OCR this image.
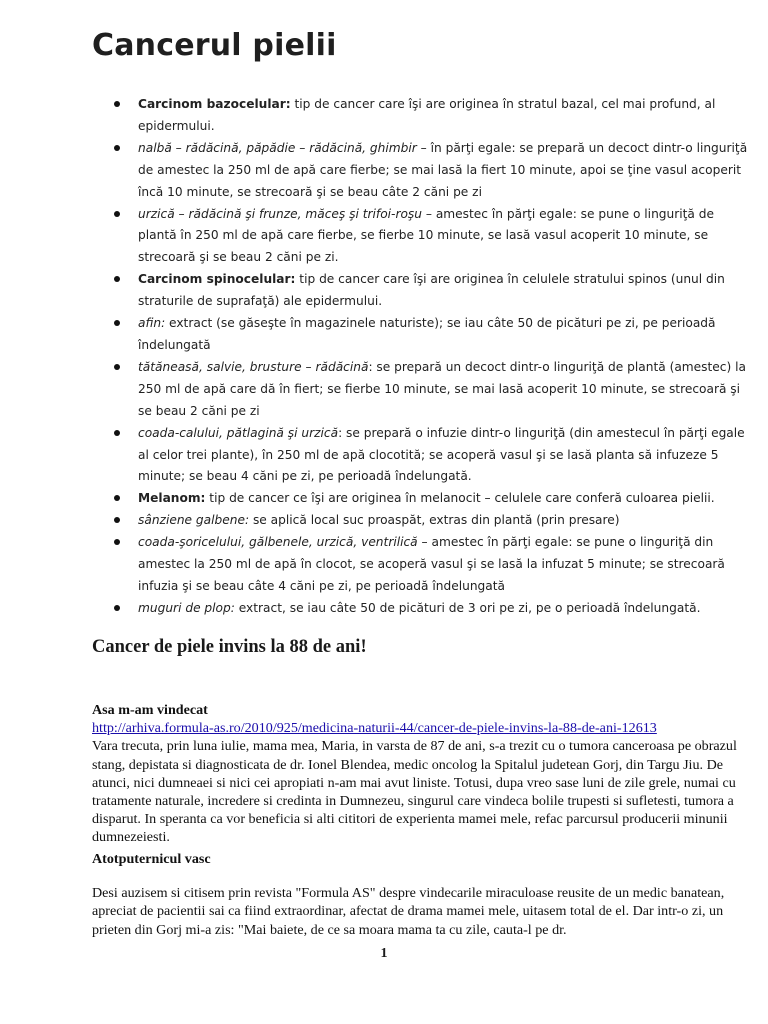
Cancerul pielii
Carcinom bazocelular: tip de cancer care îşi are originea în stratul bazal, cel mai profund, al epidermului.
nalbă – rădăcină, păpădie – rădăcină, ghimbir – în părţi egale: se prepară un decoct dintr-o linguriţă de amestec la 250 ml de apă care fierbe; se mai lasă la fiert 10 minute, apoi se ţine vasul acoperit încă 10 minute, se strecoară şi se beau câte 2 căni pe zi
urzică – rădăcină şi frunze, măceş şi trifoi-roşu – amestec în părţi egale: se pune o linguriţă de plantă în 250 ml de apă care fierbe, se fierbe 10 minute, se lasă vasul acoperit 10 minute, se strecoară şi se beau 2 căni pe zi.
Carcinom spinocelular: tip de cancer care îşi are originea în celulele stratului spinos (unul din straturile de suprafaţă) ale epidermului.
afin: extract (se găseşte în magazinele naturiste); se iau câte 50 de picături pe zi, pe perioadă îndelungată
tătăneasă, salvie, brusture – rădăcină: se prepară un decoct dintr-o linguriţă de plantă (amestec) la 250 ml de apă care dă în fiert; se fierbe 10 minute, se mai lasă acoperit 10 minute, se strecoară şi se beau 2 căni pe zi
coada-calului, pătlagină şi urzică: se prepară o infuzie dintr-o linguriţă (din amestecul în părţi egale al celor trei plante), în 250 ml de apă clocotită; se acoperă vasul şi se lasă planta să infuzeze 5 minute; se beau 4 căni pe zi, pe perioadă îndelungată.
Melanom: tip de cancer ce îşi are originea în melanocit – celulele care conferă culoarea pielii.
sânziene galbene: se aplică local suc proaspăt, extras din plantă (prin presare)
coada-şoricelului, gălbenele, urzică, ventrilică – amestec în părţi egale: se pune o linguriţă din amestec la 250 ml de apă în clocot, se acoperă vasul şi se lasă la infuzat 5 minute; se strecoară infuzia şi se beau câte 4 căni pe zi, pe perioadă îndelungată
muguri de plop: extract, se iau câte 50 de picături de 3 ori pe zi, pe o perioadă îndelungată.
Cancer de piele invins la 88 de ani!
Asa m-am vindecat
http://arhiva.formula-as.ro/2010/925/medicina-naturii-44/cancer-de-piele-invins-la-88-de-ani-12613
Vara trecuta, prin luna iulie, mama mea, Maria, in varsta de 87 de ani, s-a trezit cu o tumora canceroasa pe obrazul stang, depistata si diagnosticata de dr. Ionel Blendea, medic oncolog la Spitalul judetean Gorj, din Targu Jiu. De atunci, nici dumneaei si nici cei apropiati n-am mai avut liniste. Totusi, dupa vreo sase luni de zile grele, numai cu tratamente naturale, incredere si credinta in Dumnezeu, singurul care vindeca bolile trupesti si sufletesti, tumora a disparut. In speranta ca vor beneficia si alti cititori de experienta mamei mele, refac parcursul producerii minunii dumnezeiesti.
Atotputernicul vasc
Desi auzisem si citisem prin revista "Formula AS" despre vindecarile miraculoase reusite de un medic banatean, apreciat de pacientii sai ca fiind extraordinar, afectat de drama mamei mele, uitasem total de el. Dar intr-o zi, un prieten din Gorj mi-a zis: "Mai baiete, de ce sa moara mama ta cu zile, cauta-l pe dr.
1
